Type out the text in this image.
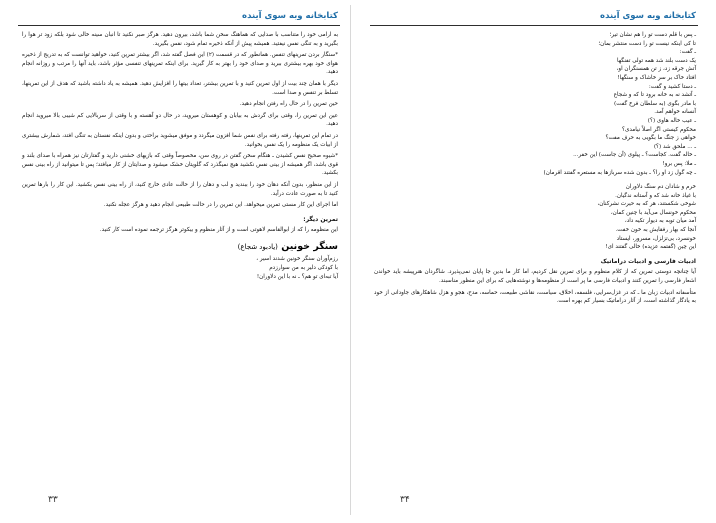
کتابخانه وبه سوی آینده

به ارامی خود را متناسب با صدایی که هماهنگ سخن شما باشد، بیرون دهید. هرگز صبر نکنید تا انبان سینه خالی شود بلکه زود تر هوا را بگیرید و به تنگی نفس نیفتید. همیشه پیش از آنکه ذخیره تمام شود، نفس بگیرید.

*سنگار بردن تمرینهای تنفس. همانطور که در قسمت (۲) این فصل گفته شد، اگر بیشتر تمرین کنید، خواهید توانست که به تدریج از ذخیره هوای خود بهره بیشتری ببرید و صدای خود را بهتر به کار گیرید. برای اینکه تمرینهای تنفسی مؤثر باشد، باید آنها را مرتب و روزانه انجام دهید.

دیگر با همان چند بیت از اول تمرین کنید و با تمرین بیشتر، تعداد بیتها را افزایش دهید. همیشه به یاد داشته باشید که هدف از این تمرینها، تسلط بر تنفس و صدا است.

حین تمرین را در حال راه رفتن انجام دهید.

عین این تمرین را، وقتی برای گردش به بیابان و کوهستان میروید، در حال دو آهسته و با وقتی از سربالایی کم شیبی بالا میروید انجام دهید.

در تمام این تمرینها، رفته رفته برای نفس شما افزون میگردد و موفق میشوید براحتی و بدون اینکه نفستان به تنگی افتد، شمارش بیشتری از ابیات یک منظومه را یک نفس بخوانید.

*شیوه صحیح نفس کشیدن ـ هنگام سخن گفتن در روی سن، مخصوصاً وقتی که بازیهای خشنی دارید و گفتارتان نیز همراه با صدای بلند و قوی باشد، اگر همیشه از بینی نفس نکشید هیچ نمیگذرد که گلویتان خشک میشود و صدایتان از کار میافتد؛ پس تا میتوانید از راه بینی نفس بکشید.

از این منظور، بدون آنکه دهان خود را ببندید و لب و دهان را از حالت عادی خارج کنید، از راه بینی نفس بکشید. این کار را بارها تمرین کنید تا به صورت عادت درآید.

اما اجرای این کار مستی تمرین میخواهد. این تمرین را در حالت طبیعی انجام دهید و هرگز عجله نکنید.

تمرین دیگر:

این منظومه را که از ابوالقاسم لاهوتی است و از آثار منظوم و بیکوتر هرگز ترجمه نموده است کار کنید.

سنگر خونین (یادبود شجاع)
رزم‌آوران سنگر خونین شدند اسیر ،
با کودکی دلیر به من سوارزدم
آیا تبه‌ای تو هم؟ ـ نه با این دلاوران!
۳۳
کتابخانه وبه سوی آینده
ـ پس با قلم دست تو را هم نشان تیر؛
تا کی اینکه نیست تو را دست منتشر بمان؛
ـ گفت:
یک دست بلند شد همه تولی تفنگها
آتش جرقه زد، ز تن همسنگران او،
افتاد خاک بر سر خاشاک و سنگها!
ـ دستا کشید و گفت:
ـ آتشد نه به خانه برود تا که و شجاع
با مادر بگوی (به سلطان فرخ گفت)
آنسانه خواهم آمد.
ـ عیب خاله هاوی (؟)
محکوم کیستی اگر اصلاً نیامدی؟
خواهی ز جنگ ما بگویی به حرف مفت؟
ـ ... ملحق شد (؟)
ـ خاله گفت. کجاست؟ ـ پیلوی (آن جاست) این خفر...
ـ ملا: پس برو!
ـ چه گول زد او را؟ ـ بدون شده سربازها به مستعره گفتند اقرمان)
خرم و شادان دم سنگ دلاوران
با غیاذ خانه شد که و آستانه ندگیان.
شوخی شکستند، هر که به حیرت نشرکنان،
محکوم خونسال می‌آید با چنین کمان،
آمد میان توبه به دیوار تکیه داد،
آنجا که بهار رفقایش به خون خفت.
خونسرد، بی‌تزلزل، مسرور، ایستاد
این چین (گفتمه عزیده) خالی گفتند ای!
ادبیات فارسی و ادبیات دراماتیک

آیا چنانچه دوستی تمرین که از کلام منظوم و برای تمرین نقل کردیم، اما کار ما بدین جا پایان نمی‌پذیرد. شاگردان هنرپیشه باید خواندن اشعار فارسی را تمرین کنند و ادبیات فارسی ما پر است از منظومه‌ها و نوشته‌هایی که برای این منظور مناسبند.

متأسفانه ادبیات زبان ما ـ که در غزل‌سرایی، فلسفه، اخلاق، سیاست، نقاشی طبیعت، حماسه، مدح، هجو و هزل شاهکارهای جاودانی از خود به یادگار گذاشته است، از آثار دراماتیک بسیار کم بهره است.

۳۴
